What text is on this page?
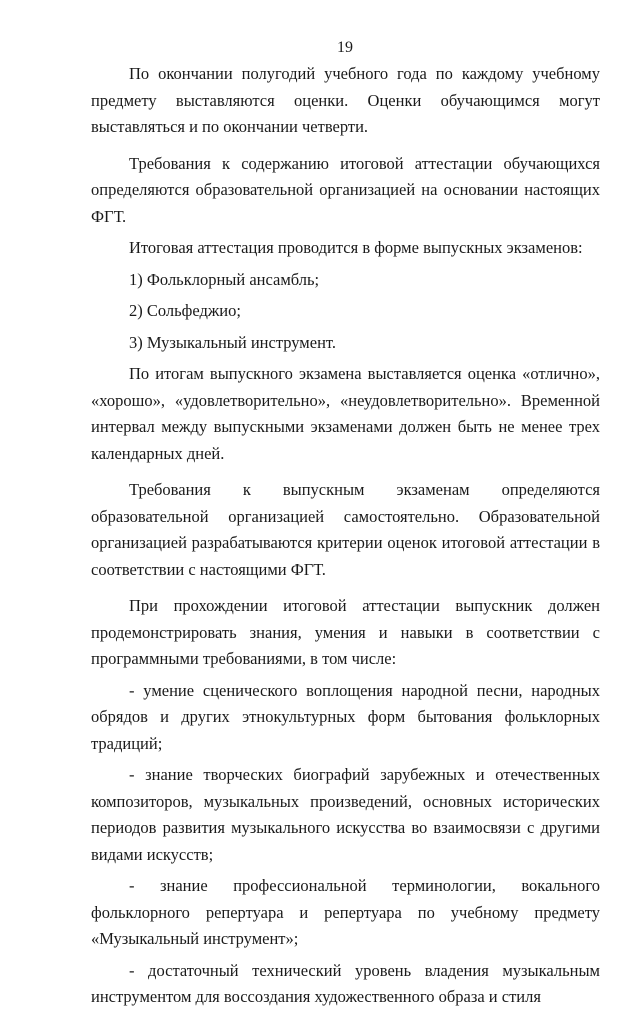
19

По окончании полугодий учебного года по каждому учебному предмету выставляются оценки. Оценки обучающимся могут выставляться и по окончании четверти.

Требования к содержанию итоговой аттестации обучающихся определяются образовательной организацией на основании настоящих ФГТ.

Итоговая аттестация проводится в форме выпускных экзаменов:

1) Фольклорный ансамбль;

2) Сольфеджио;

3) Музыкальный инструмент.

По итогам выпускного экзамена выставляется оценка «отлично», «хорошо», «удовлетворительно», «неудовлетворительно». Временной интервал между выпускными экзаменами должен быть не менее трех календарных дней.

Требования к выпускным экзаменам определяются образовательной организацией самостоятельно. Образовательной организацией разрабатываются критерии оценок итоговой аттестации в соответствии с настоящими ФГТ.

При прохождении итоговой аттестации выпускник должен продемонстрировать знания, умения и навыки в соответствии с программными требованиями, в том числе:

- умение сценического воплощения народной песни, народных обрядов и других этнокультурных форм бытования фольклорных традиций;

- знание творческих биографий зарубежных и отечественных композиторов, музыкальных произведений, основных исторических периодов развития музыкального искусства во взаимосвязи с другими видами искусств;

- знание профессиональной терминологии, вокального фольклорного репертуара и репертуара по учебному предмету «Музыкальный инструмент»;

- достаточный технический уровень владения музыкальным инструментом для воссоздания художественного образа и стиля
